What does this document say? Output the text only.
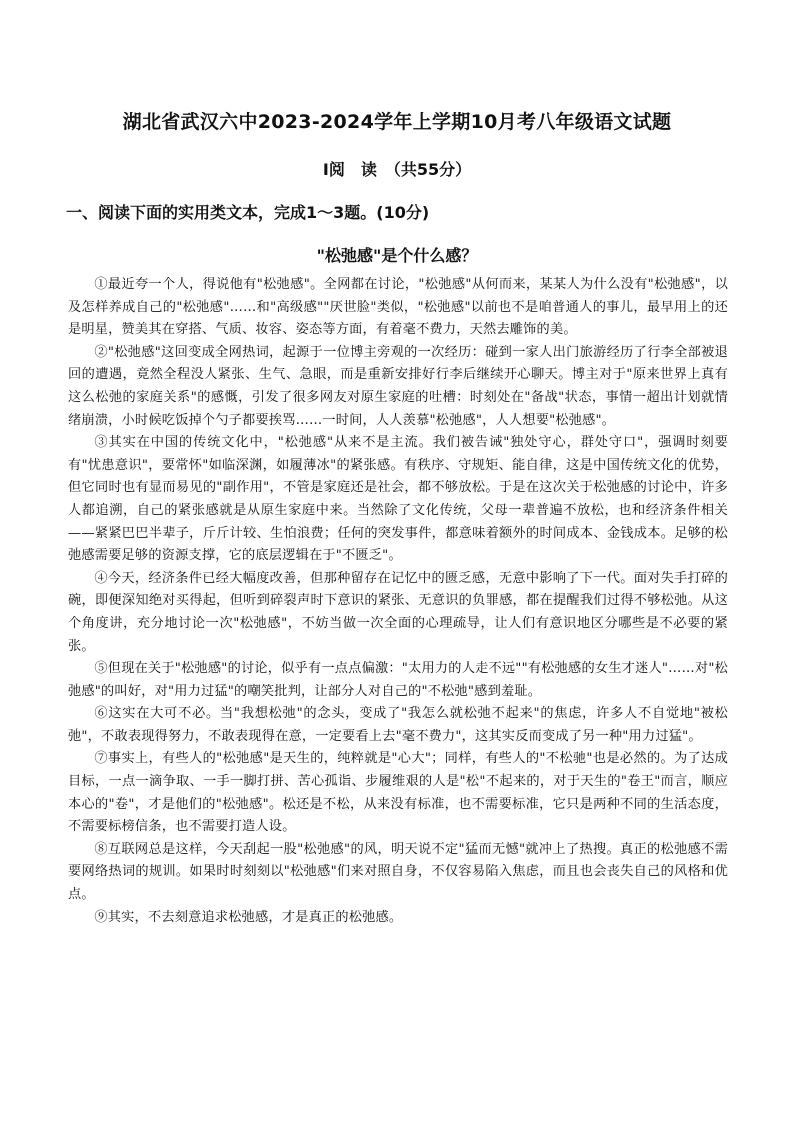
湖北省武汉六中2023-2024学年上学期10月考八年级语文试题
Ⅰ阅　读　（共55分）
一、阅读下面的实用类文本，完成1～3题。(10分)
"松弛感"是个什么感？

①最近夸一个人，得说他有"松弛感"。全网都在讨论，"松弛感"从何而来，某某人为什么没有"松弛感"，以及怎样养成自己的"松弛感"……和"高级感""厌世脸"类似，"松弛感"以前也不是咱普通人的事儿，最早用上的还是明星，赞美其在穿搭、气质、妆容、姿态等方面，有着毫不费力，天然去雕饰的美。

②"松弛感"这回变成全网热词，起源于一位博主旁观的一次经历：碰到一家人出门旅游经历了行李全部被退回的遭遇，竟然全程没人紧张、生气、急眼，而是重新安排好行李后继续开心聊天。博主对于"原来世界上真有这么松弛的家庭关系"的感慨，引发了很多网友对原生家庭的吐槽：时刻处在"备战"状态，事情一超出计划就情绪崩溃，小时候吃饭掉个勺子都要挨骂……一时间，人人羡慕"松弛感"，人人想要"松弛感"。

③其实在中国的传统文化中，"松弛感"从来不是主流。我们被告诫"独处守心，群处守口"，强调时刻要有"忧患意识"，要常怀"如临深渊，如履薄冰"的紧张感。有秩序、守规矩、能自律，这是中国传统文化的优势，但它同时也有显而易见的"副作用"，不管是家庭还是社会，都不够放松。于是在这次关于松弛感的讨论中，许多人都追溯，自己的紧张感就是从原生家庭中来。当然除了文化传统，父母一辈普遍不放松，也和经济条件相关——紧紧巴巴半辈子，斤斤计较、生怕浪费；任何的突发事件，都意味着额外的时间成本、金钱成本。足够的松弛感需要足够的资源支撑，它的底层逻辑在于"不匮乏"。

④今天，经济条件已经大幅度改善，但那种留存在记忆中的匮乏感，无意中影响了下一代。面对失手打碎的碗，即便深知绝对买得起，但听到碎裂声时下意识的紧张、无意识的负罪感，都在提醒我们过得不够松弛。从这个角度讲，充分地讨论一次"松弛感"，不妨当做一次全面的心理疏导，让人们有意识地区分哪些是不必要的紧张。

⑤但现在关于"松弛感"的讨论，似乎有一点点偏激："太用力的人走不远""有松弛感的女生才迷人"……对"松弛感"的叫好，对"用力过猛"的嘲笑批判，让部分人对自己的"不松弛"感到羞耻。

⑥这实在大可不必。当"我想松弛"的念头，变成了"我怎么就松弛不起来"的焦虑，许多人不自觉地"被松弛"，不敢表现得努力，不敢表现得在意，一定要看上去"毫不费力"，这其实反而变成了另一种"用力过猛"。

⑦事实上，有些人的"松弛感"是天生的，纯粹就是"心大"；同样，有些人的"不松驰"也是必然的。为了达成目标，一点一滴争取、一手一脚打拼、苦心孤诣、步履维艰的人是"松"不起来的，对于天生的"卷王"而言，顺应本心的"卷"，才是他们的"松弛感"。松还是不松，从来没有标准，也不需要标准，它只是两种不同的生活态度，不需要标榜信条，也不需要打造人设。

⑧互联网总是这样，今天刮起一股"松弛感"的风，明天说不定"猛而无憾"就冲上了热搜。真正的松弛感不需要网络热词的规训。如果时时刻刻以"松弛感"们来对照自身，不仅容易陷入焦虑，而且也会丧失自己的风格和优点。

⑨其实，不去刻意追求松弛感，才是真正的松弛感。
